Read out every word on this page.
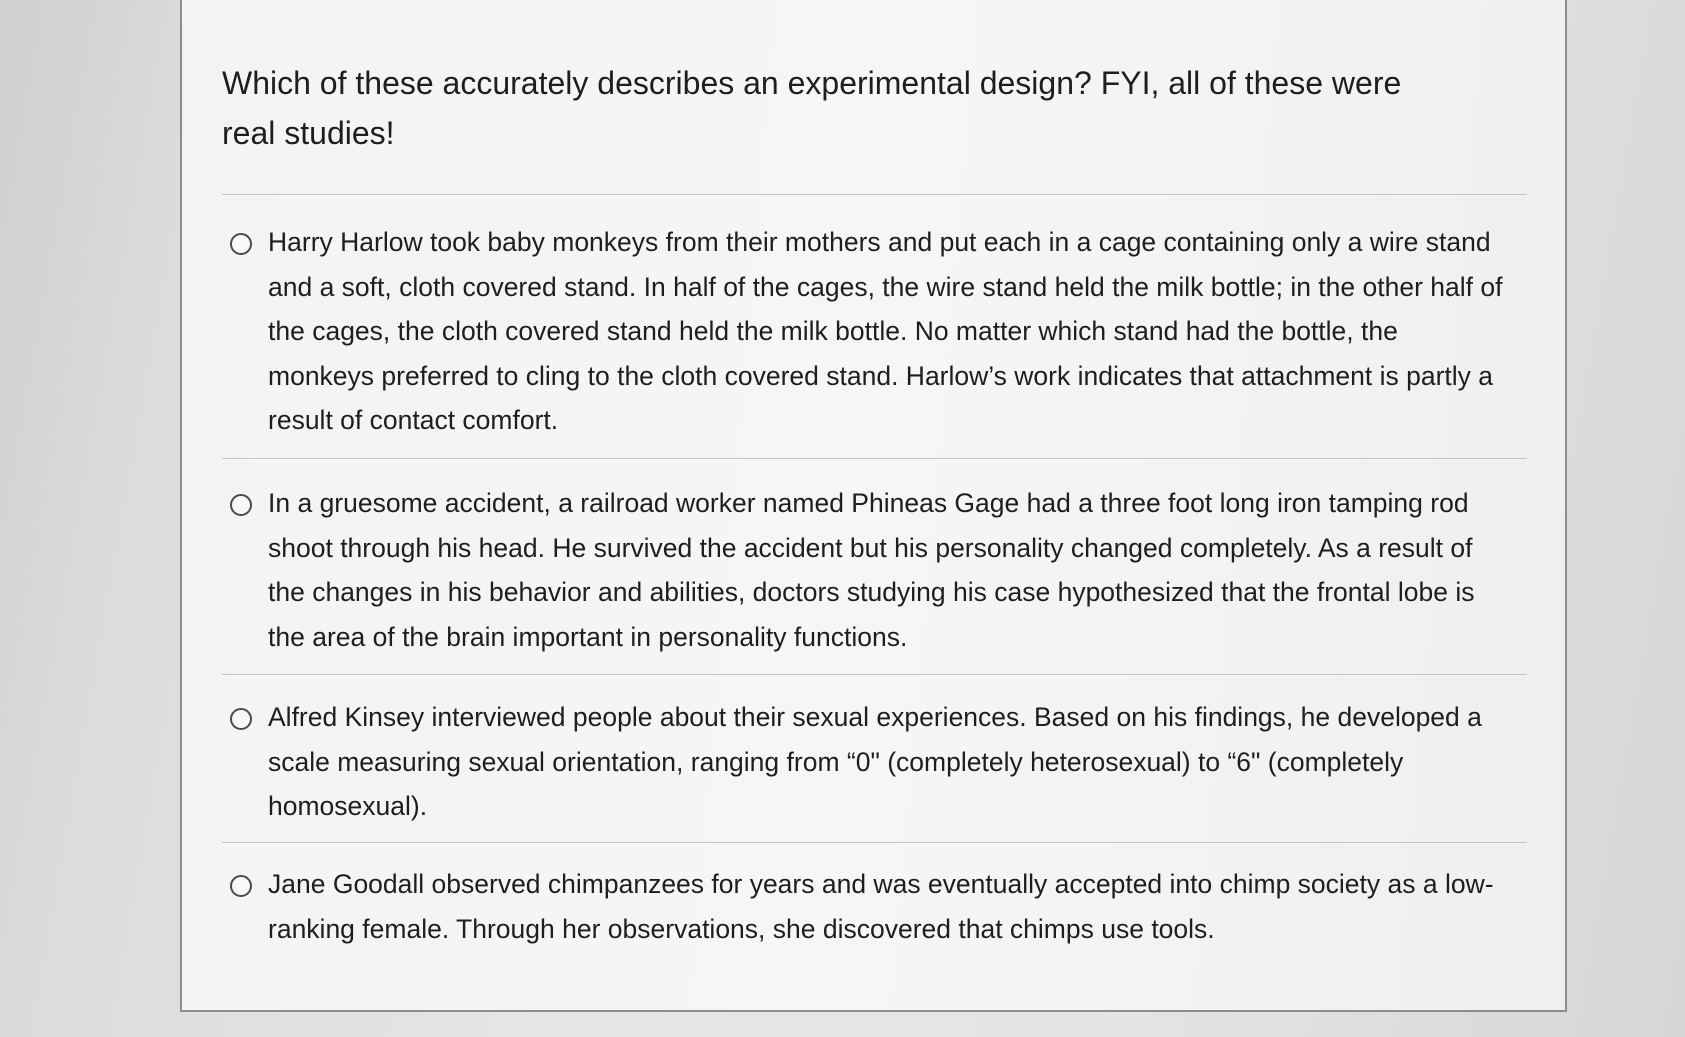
Which of these accurately describes an experimental design? FYI, all of these were real studies!
Harry Harlow took baby monkeys from their mothers and put each in a cage containing only a wire stand and a soft, cloth covered stand. In half of the cages, the wire stand held the milk bottle; in the other half of the cages, the cloth covered stand held the milk bottle. No matter which stand had the bottle, the monkeys preferred to cling to the cloth covered stand. Harlow’s work indicates that attachment is partly a result of contact comfort.
In a gruesome accident, a railroad worker named Phineas Gage had a three foot long iron tamping rod shoot through his head. He survived the accident but his personality changed completely. As a result of the changes in his behavior and abilities, doctors studying his case hypothesized that the frontal lobe is the area of the brain important in personality functions.
Alfred Kinsey interviewed people about their sexual experiences. Based on his findings, he developed a scale measuring sexual orientation, ranging from “0" (completely heterosexual) to “6" (completely homosexual).
Jane Goodall observed chimpanzees for years and was eventually accepted into chimp society as a low-ranking female. Through her observations, she discovered that chimps use tools.
